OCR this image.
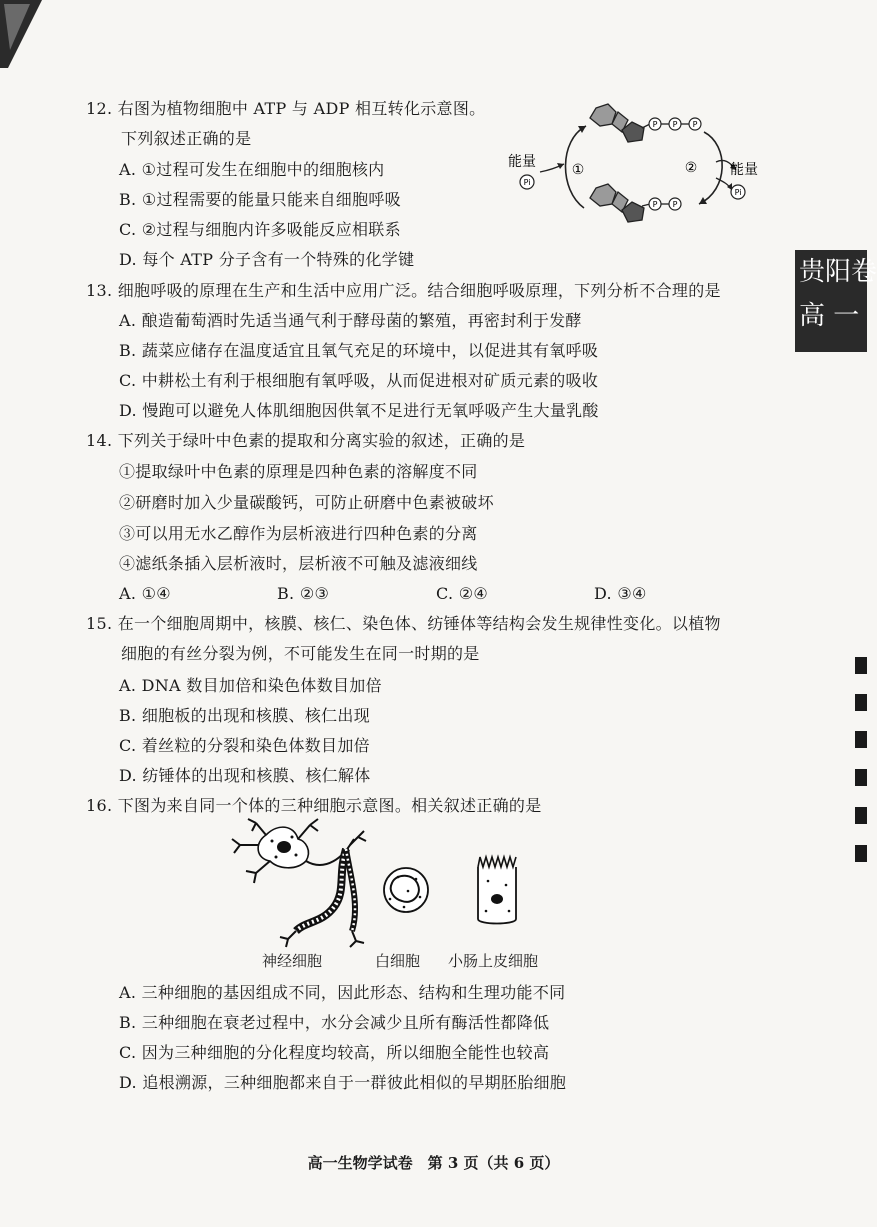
贵阳卷
高 一
12. 右图为植物细胞中 ATP 与 ADP 相互转化示意图。
下列叙述正确的是
A. ①过程可发生在细胞中的细胞核内
B. ①过程需要的能量只能来自细胞呼吸
C. ②过程与细胞内许多吸能反应相联系
D. 每个 ATP 分子含有一个特殊的化学键
P P P
P P
①	②
能量
Pi
能量
Pi
13. 细胞呼吸的原理在生产和生活中应用广泛。结合细胞呼吸原理，下列分析不合理的是
A. 酿造葡萄酒时先适当通气利于酵母菌的繁殖，再密封利于发酵
B. 蔬菜应储存在温度适宜且氧气充足的环境中，以促进其有氧呼吸
C. 中耕松土有利于根细胞有氧呼吸，从而促进根对矿质元素的吸收
D. 慢跑可以避免人体肌细胞因供氧不足进行无氧呼吸产生大量乳酸
14. 下列关于绿叶中色素的提取和分离实验的叙述，正确的是
①提取绿叶中色素的原理是四种色素的溶解度不同
②研磨时加入少量碳酸钙，可防止研磨中色素被破坏
③可以用无水乙醇作为层析液进行四种色素的分离
④滤纸条插入层析液时，层析液不可触及滤液细线
A. ①④	B. ②③	C. ②④	D. ③④
15. 在一个细胞周期中，核膜、核仁、染色体、纺锤体等结构会发生规律性变化。以植物
细胞的有丝分裂为例，不可能发生在同一时期的是
A. DNA 数目加倍和染色体数目加倍
B. 细胞板的出现和核膜、核仁出现
C. 着丝粒的分裂和染色体数目加倍
D. 纺锤体的出现和核膜、核仁解体
16. 下图为来自同一个体的三种细胞示意图。相关叙述正确的是
神经细胞	白细胞 小肠上皮细胞
A. 三种细胞的基因组成不同，因此形态、结构和生理功能不同
B. 三种细胞在衰老过程中，水分会减少且所有酶活性都降低
C. 因为三种细胞的分化程度均较高，所以细胞全能性也较高
D. 追根溯源，三种细胞都来自于一群彼此相似的早期胚胎细胞
高一生物学试卷　第 3 页（共 6 页）
